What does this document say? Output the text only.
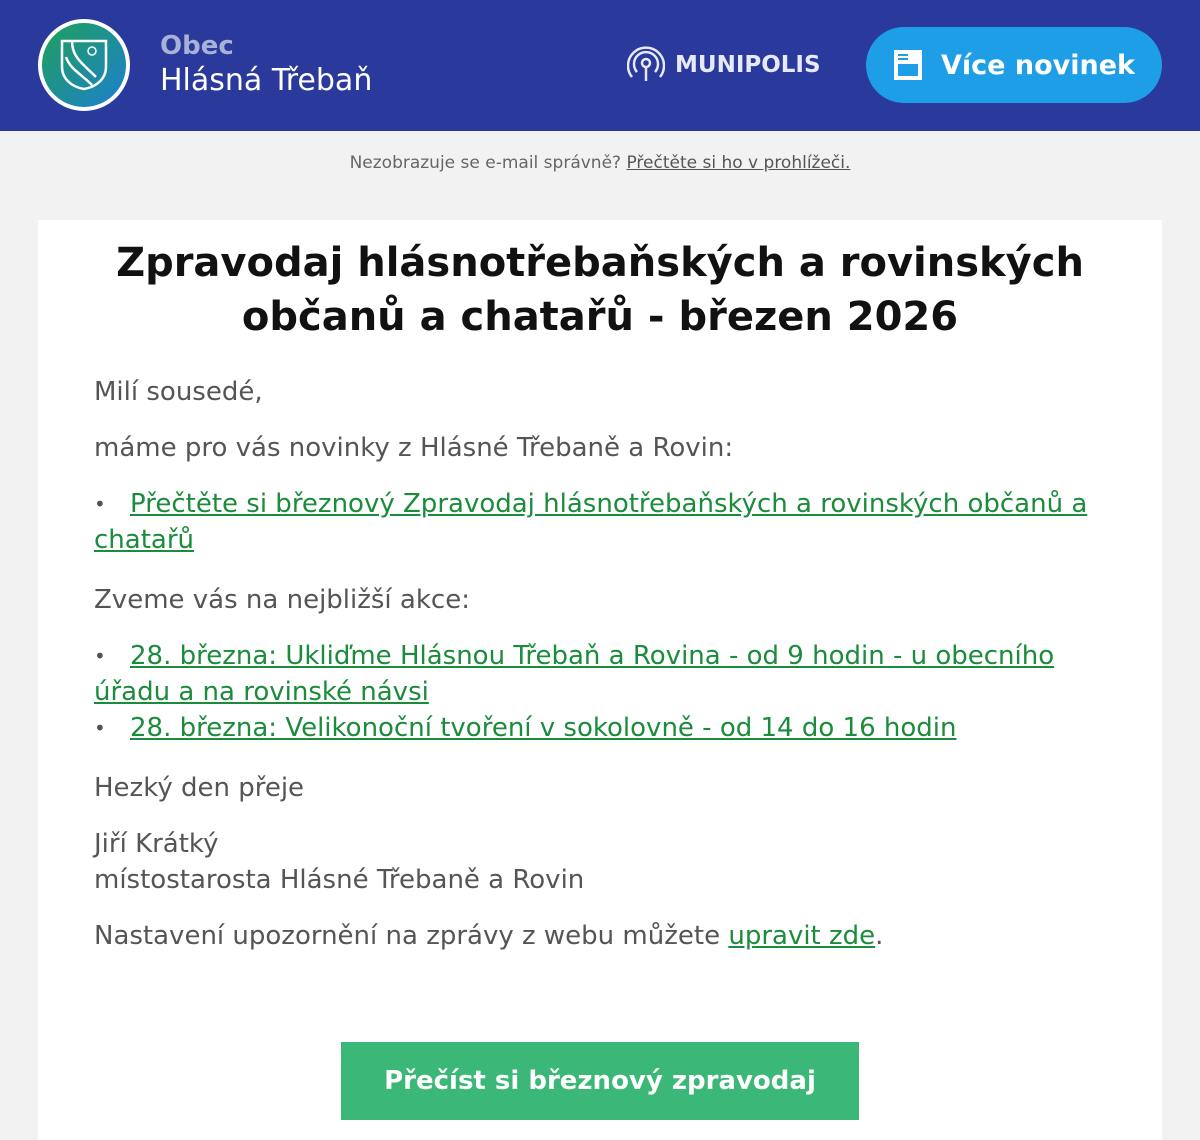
Obec
Hlásná Třebaň	MUNIPOLIS	Více novinek
Nezobrazuje se e-mail správně? Přečtěte si ho v prohlížeči.
Zpravodaj hlásnotřebaňských a rovinských občanů a chatařů - březen 2026

Milí sousedé,

máme pro vás novinky z Hlásné Třebaně a Rovin:

• Přečtěte si březnový Zpravodaj hlásnotřebaňských a rovinských občanů a chatařů

Zveme vás na nejbližší akce:

• 28. března: Ukliďme Hlásnou Třebaň a Rovina - od 9 hodin - u obecního úřadu a na rovinské návsi
• 28. března: Velikonoční tvoření v sokolovně - od 14 do 16 hodin

Hezký den přeje

Jiří Krátký
místostarosta Hlásné Třebaně a Rovin

Nastavení upozornění na zprávy z webu můžete upravit zde.

Přečíst si březnový zpravodaj
